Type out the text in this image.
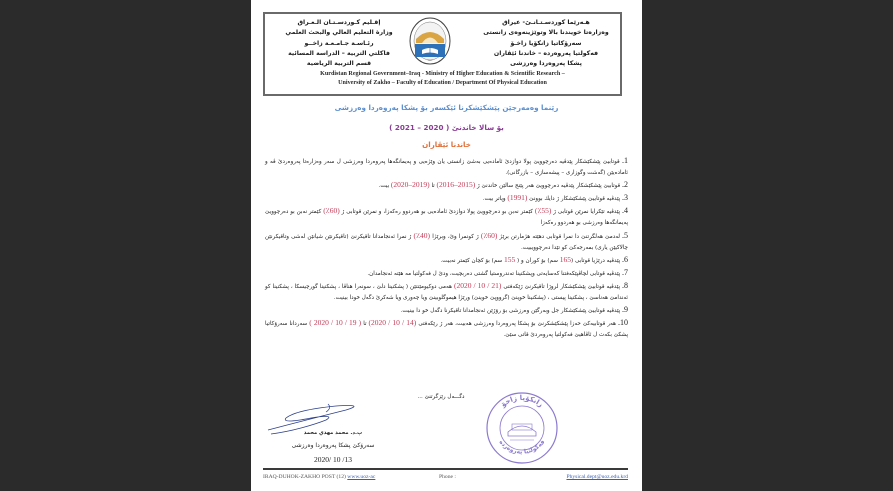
إقـليم كـوردسـتـان الـعـراق
وزارة التعليم العالي والبحث العلمي
رئـاسـة جـامـعـة زاخــو
فاكلتي التربية – الدراسة المسائية
قسم التربية الرياضية
ـــــ
هـەرێما كوردسـتـانـێ- عیراق
وەزارەتا خویندنا بالا وتوێژینەوەی زانستی
سەرۆكاتیا زانكۆیا زاخـۆ
فەكولتیا پەروەردە – خاندنا ئێڤاران
پشكا پەروەردا وەرزشی
Kurdistan Regional Government–Iraq - Ministry of Higher Education & Scientific Research –
University of Zakho – Faculty of Education / Department Of Physical Education
رێنما وەمەرجێن پێشكێشكرنا ئێكسەر بۆ پشكا پەروەردا وەرزشی
بۆ سالا خاندنێ ( 2020 – 2021 )
خاندنا ئێڤاران

1. قوتابیێ پێشكێشكار پێدڤیە دەرچوویێ پولا دوازدێ ئامادەیی بەشێ زانستی یان وێژەیی و پەیمانگەها پەروەردا وەرزشی ل سەر وەزارەتا پەروەردێ ڤە و ئامادەیێن (گەشت وگوزاری – پیشەسازی – بازرگانی).

2. قوتابیێ پێشكێشكار پێدڤیە دەرچوویێ هەر پێنج سالێن خاندنێ ژ (2015–2016) تا (2019–2020) بیت.

3. پێدڤیە قوتابیێ پێشكێشكار ژ دایك بوونێ (1991) وپاتر بیت.

4. پێدڤیە تێكرایا نمرێن قوتابی ژ (55٪) كێمتر نەبن بو دەرچوویێ پولا دوازدێ ئامادەیی بو هەردوو رەكەزا، و نمرێن قوتابی ژ (60٪) كێمتر نەبن بو دەرچوویێ پەیمانگەها وەرزشی بو هەردوو رەكەزا

5. لەدمێ هەلگرتنێ دا نمرا قوتابی دهێتە هژمارتن برێژ (60٪) ژ كونمرا وێ، وبرێژا (40٪) ژ نمرا ئەنجامدانا تاقیكرنێ (تاقیكرنێن شیانێن لەشی وتاقیكرنێن چالاكیێن یاری) بمەرجەكێ كو تێدا دەرچوویبیت.

6. پێدڤیە درێژیا قوتابی (165 سم) بۆ كوران و ( 155 سم) بۆ كچان كێمتر نەبیت.

7. پێدڤیە قوتابی لچاڤپێكەفتنا كەسایەتی وپشكنینا تەندروستیا گشتی دەربچیت، ودێ ل فەكولتیا مە هێتە ئەنجامدان.

8. پێدڤیە قوتابیێ پێشكێشكار لروژا تاقیكرنێ ژێكەفتی (21 / 10 / 2020) هەمی دوكیومێنتێن ( پشكنینا دلێ ، سونەرا هناڤا ، پشكنینا گورچیسكا ، پشكنینا كو ئەندامێ هەناسێ ، پشكنینا پیستی ، (پشكنینا خوینێ (گرووپێ خوینێ) ورێژا هیموگلوبینێ ویا چەوری ویا شەكرێ دگەل خودا بینیت.

9. پێدڤیە قوتابیێ پێشكێشكار جل وبەرگێن وەرزشی بۆ رۆژێن ئەنجامدانا تاقیكرنا دگەل خو دا بینیت.

10. هەر قوتابیەكێ حەزا پێشكێشكرنێ بۆ پشكا پەروەردا وەرزشی هەبیت، هەر ژ رێكەفتی (14 / 10 / 2020) تا ( 19 / 10 / 2020 ) سەردانا سەرۆكاتیا پشكێ بكەت ل ئاڤاهیێ فەكولتیا پەروەردێ قاتی سێێ.

دگـــەل رێزگرتنێ ...
پ.د. محمد مهدي محمد
سەرۆكێ پشكا پەروەردا وەرزشی
2020/ 10 /13
زانكۆیا زاخۆ
فەكولتیا پەروەردە
IRAQ-DUHOK-ZAKHO POST (12) www.uoz-ac	Phone :	Physical.dept@uoz.edu.krd
